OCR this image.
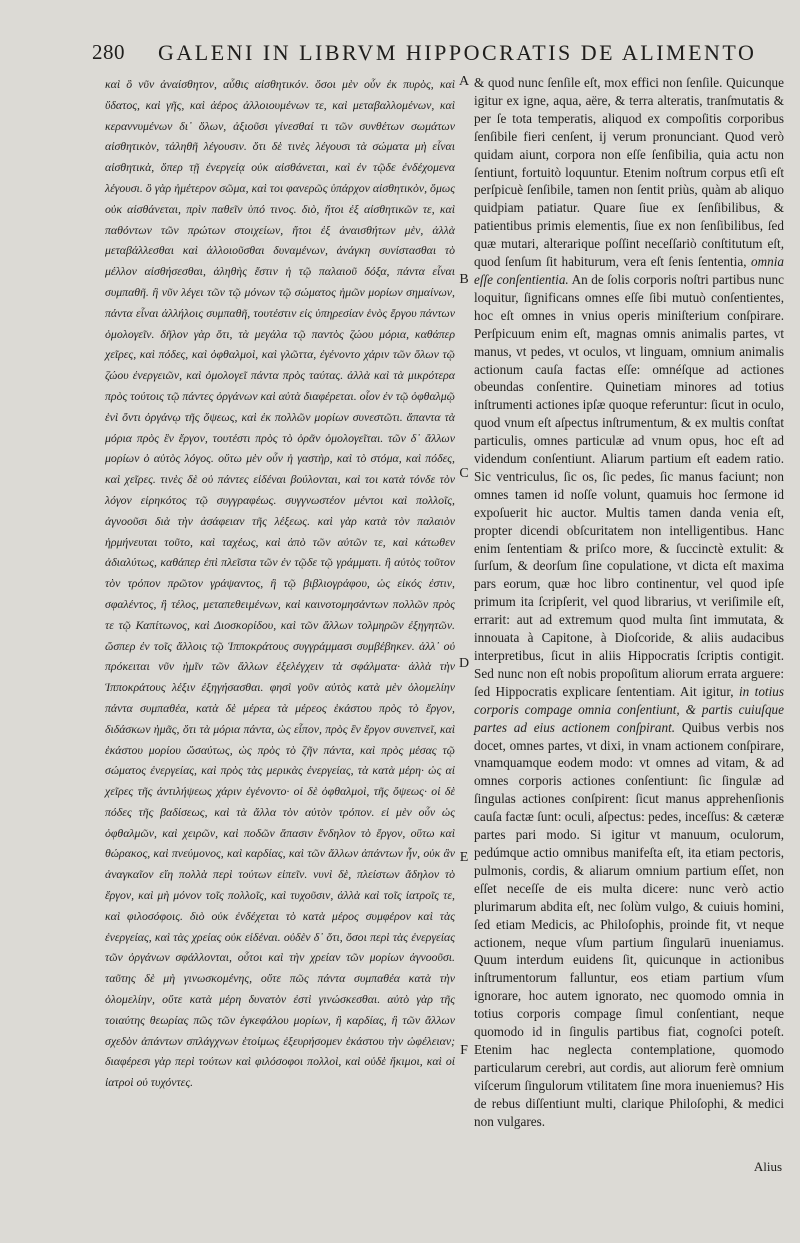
280 GALENI IN LIBRVM HIPPOCRATIS DE ALIMENTO

καὶ ὃ νῦν ἀναίσθητον, αὖθις αἰσθητικόν. ὅσοι μὲν οὖν ἐκ πυρὸς, καὶ ὕδατος, καὶ γῆς, καὶ ἀέρος ἀλλοιουμένων τε, καὶ μεταβαλλομένων, καὶ κεραννυμένων δι᾽ ὅλων, ἀξιοῦσι γίνεσθαί τι τῶν συνθέτων σωμάτων αἰσθητικὸν, τἀληθῆ λέγουσιν. ὅτι δὲ τινὲς λέγουσι τὰ σώματα μὴ εἶναι αἰσθητικὰ, ὅπερ τῇ ἐνεργείᾳ οὐκ αἰσθάνεται, καὶ ἐν τῷδε ἐνδέχομενα λέγουσι. ὃ γὰρ ἡμέτερον σῶμα, καὶ τοι φανερῶς ὑπάρχον αἰσθητικὸν, ὅμως οὐκ αἰσθάνεται, πρὶν παθεῖν ὑπό τινος. διὸ, ἤτοι ἐξ αἰσθητικῶν τε, καὶ παθόντων τῶν πρώτων στοιχείων, ἤτοι ἐξ ἀναισθήτων μὲν, ἀλλὰ μεταβάλλεσθαι καὶ ἀλλοιοῦσθαι δυναμένων, ἀνάγκη συνίστασθαι τὸ μέλλον αἰσθήσεσθαι, ἀληθὴς ἔστιν ἡ τῷ παλαιοῦ δόξα, πάντα εἶναι συμπαθῆ. ἢ νῦν λέγει τῶν τῷ μόνων τῷ σώματος ἡμῶν μορίων σημαίνων, πάντα εἶναι ἀλλήλοις συμπαθῆ, τουτέστιν εἰς ὑπηρεσίαν ἑνὸς ἔργου πάντων ὁμολογεῖν. δῆλον γὰρ ὅτι, τὰ μεγάλα τῷ παντὸς ζώου μόρια, καθάπερ χεῖρες, καὶ πόδες, καὶ ὀφθαλμοὶ, καὶ γλῶττα, ἐγένοντο χάριν τῶν ὅλων τῷ ζώου ἐνεργειῶν, καὶ ὁμολογεῖ πάντα πρὸς ταύτας. ἀλλὰ καὶ τὰ μικρότερα πρὸς τούτοις τῷ πάντες ὀργάνων καὶ αὐτὰ διαφέρεται. οἷον ἐν τῷ ὀφθαλμῷ ἑνὶ ὄντι ὀργάνῳ τῆς ὄψεως, καὶ ἐκ πολλῶν μορίων συνεστῶτι. ἅπαντα τὰ μόρια πρὸς ἓν ἔργον, τουτέστι πρὸς τὸ ὁρᾶν ὁμολογεῖται. τῶν δ᾽ ἄλλων μορίων ὁ αὐτὸς λόγος. οὕτω μὲν οὖν ἡ γαστὴρ, καὶ τὸ στόμα, καὶ πόδες, καὶ χεῖρες. τινὲς δὲ οὐ πάντες εἰδέναι βούλονται, καὶ τοι κατὰ τόνδε τὸν λόγον εἰρηκότος τῷ συγγραφέως. συγγνωστέον μέντοι καὶ πολλοῖς, ἀγνοοῦσι διὰ τὴν ἀσάφειαν τῆς λέξεως. καὶ γὰρ κατὰ τὸν παλαιὸν ἡρμήνευται τοῦτο, καὶ ταχέως, καὶ ἀπὸ τῶν αὐτῶν τε, καὶ κάτωθεν ἀδιαλύτως, καθάπερ ἐπὶ πλεῖστα τῶν ἐν τῷδε τῷ γράμματι. ἢ αὐτὸς τοῦτον τὸν τρόπον πρῶτον γράψαντος, ἢ τῷ βιβλιογράφου, ὡς εἰκός ἐστιν, σφαλέντος, ἢ τέλος, μεταπεθειμένων, καὶ καινοτομησάντων πολλῶν πρὸς τε τῷ Καπίτωνος, καὶ Διοσκορίδου, καὶ τῶν ἄλλων τολμηρῶν ἐξηγητῶν. ὥσπερ ἐν τοῖς ἄλλοις τῷ Ἱπποκράτους συγγράμμασι συμβέβηκεν. ἀλλ᾽ οὐ πρόκειται νῦν ἡμῖν τῶν ἄλλων ἐξελέγχειν τὰ σφάλματα· ἀλλὰ τὴν Ἱπποκράτους λέξιν ἐξηγήσασθαι. φησὶ γοῦν αὐτὸς κατὰ μὲν ὁλομελίην πάντα συμπαθέα, κατὰ δὲ μέρεα τὰ μέρεος ἑκάστου πρὸς τὸ ἔργον, διδάσκων ἡμᾶς, ὅτι τὰ μόρια πάντα, ὡς εἶπον, πρὸς ἓν ἔργον συνεπνεῖ, καὶ ἑκάστου μορίου ὥσαύτως, ὡς πρὸς τὸ ζῆν πάντα, καὶ πρὸς μέσας τῷ σώματος ἐνεργείας, καὶ πρὸς τὰς μερικὰς ἐνεργείας, τὰ κατὰ μέρη· ὡς αἱ χεῖρες τῆς ἀντιλήψεως χάριν ἐγένοντο· οἱ δὲ ὀφθαλμοὶ, τῆς ὄψεως· οἱ δὲ πόδες τῆς βαδίσεως, καὶ τὰ ἄλλα τὸν αὐτὸν τρόπον. εἰ μὲν οὖν ὡς ὀφθαλμῶν, καὶ χειρῶν, καὶ ποδῶν ἅπασιν ἔνδηλον τὸ ἔργον, οὕτω καὶ θώρακος, καὶ πνεύμονος, καὶ καρδίας, καὶ τῶν ἄλλων ἁπάντων ἦν, οὐκ ἂν ἀναγκαῖον εἴη πολλὰ περὶ τούτων εἰπεῖν. νυνὶ δὲ, πλείστων ἄδηλον τὸ ἔργον, καὶ μὴ μόνον τοῖς πολλοῖς, καὶ τυχοῦσιν, ἀλλὰ καὶ τοῖς ἰατροῖς τε, καὶ φιλοσόφοις. διὸ οὐκ ἐνδέχεται τὸ κατὰ μέρος συμφέρον καὶ τὰς ἐνεργείας, καὶ τὰς χρείας οὐκ εἰδέναι. οὐδὲν δ᾽ ὅτι, ὅσοι περὶ τὰς ἐνεργείας τῶν ὀργάνων σφάλλονται, οὗτοι καὶ τὴν χρείαν τῶν μορίων ἀγνοοῦσι. ταῦτης δὲ μὴ γινωσκομένης, οὔτε πῶς πάντα συμπαθέα κατὰ τὴν ὁλομελίην, οὔτε κατὰ μέρη δυνατὸν ἐστὶ γινώσκεσθαι. αὐτὸ γὰρ τῆς τοιαύτης θεωρίας πῶς τῶν ἐγκεφάλου μορίων, ἢ καρδίας, ἢ τῶν ἄλλων σχεδὸν ἁπάντων σπλάγχνων ἑτοίμως ἐξευρήσομεν ἑκάστου τὴν ὠφέλειαν; διαφέρεσι γὰρ περὶ τούτων καὶ φιλόσοφοι πολλοὶ, καὶ οὐδὲ ἥκιμοι, καὶ οἱ ἰατροὶ οὐ τυχόντες.

A
B
C
D
E
F

& quod nunc ſenſile eſt, mox effici non ſenſile. Quicunque igitur ex igne, aqua, aëre, & terra alteratis, tranſmutatis & per ſe tota temperatis, aliquod ex compoſitis corporibus ſenſibile fieri cenſent, ij verum pronunciant. Quod verò quidam aiunt, corpora non eſſe ſenſibilia, quia actu non ſentiunt, fortuitò loquuntur. Etenim noſtrum corpus etſi eſt perſpicuè ſenſibile, tamen non ſentit priùs, quàm ab aliquo quidpiam patiatur. Quare ſiue ex ſenſibilibus, & patientibus primis elementis, ſiue ex non ſenſibilibus, ſed quæ mutari, alterarique poſſint neceſſariò conſtitutum eſt, quod ſenſum ſit habiturum, vera eſt ſenis ſententia, omnia eſſe conſentientia. An de ſolis corporis noſtri partibus nunc loquitur, ſignificans omnes eſſe ſibi mutuò conſentientes, hoc eſt omnes in vnius operis miniſterium conſpirare. Perſpicuum enim eſt, magnas omnis animalis partes, vt manus, vt pedes, vt oculos, vt linguam, omnium animalis actionum cauſa factas eſſe: omnéſque ad actiones obeundas conſentire. Quinetiam minores ad totius inſtrumenti actiones ipſæ quoque referuntur: ſicut in oculo, quod vnum eſt aſpectus inſtrumentum, & ex multis conſtat particulis, omnes particulæ ad vnum opus, hoc eſt ad videndum conſentiunt. Aliarum partium eſt eadem ratio. Sic ventriculus, ſic os, ſic pedes, ſic manus faciunt; non omnes tamen id noſſe volunt, quamuis hoc ſermone id expoſuerit hic auctor. Multis tamen danda venia eſt, propter dicendi obſcuritatem non intelligentibus. Hanc enim ſententiam & priſco more, & ſuccinctè extulit: & ſurſum, & deorſum ſine copulatione, vt dicta eſt maxima pars eorum, quæ hoc libro continentur, vel quod ipſe primum ita ſcripſerit, vel quod librarius, vt veriſimile eſt, errarit: aut ad extremum quod multa ſint immutata, & innouata à Capitone, à Dioſcoride, & aliis audacibus interpretibus, ſicut in aliis Hippocratis ſcriptis contigit. Sed nunc non eſt nobis propoſitum aliorum errata arguere: ſed Hippocratis explicare ſententiam. Ait igitur, in totius corporis compage omnia conſentiunt, & partis cuiuſque partes ad eius actionem conſpirant. Quibus verbis nos docet, omnes partes, vt dixi, in vnam actionem conſpirare, vnamquamque eodem modo: vt omnes ad vitam, & ad omnes corporis actiones conſentiunt: ſic ſingulæ ad ſingulas actiones conſpirent: ſicut manus apprehenſionis cauſa factæ ſunt: oculi, aſpectus: pedes, inceſſus: & cæteræ partes pari modo. Si igitur vt manuum, oculorum, pedúmque actio omnibus manifeſta eſt, ita etiam pectoris, pulmonis, cordis, & aliarum omnium partium eſſet, non eſſet neceſſe de eis multa dicere: nunc verò actio plurimarum abdita eſt, nec ſolùm vulgo, & cuiuis homini, ſed etiam Medicis, ac Philoſophis, proinde fit, vt neque actionem, neque vſum partium ſingularū inueniamus. Quum interdum euidens ſit, quicunque in actionibus inſtrumentorum falluntur, eos etiam partium vſum ignorare, hoc autem ignorato, nec quomodo omnia in totius corporis compage ſimul conſentiant, neque quomodo id in ſingulis partibus fiat, cognoſci poteſt. Etenim hac neglecta contemplatione, quomodo particularum cerebri, aut cordis, aut aliorum ferè omnium viſcerum ſingulorum vtilitatem ſine mora inueniemus? His de rebus diſſentiunt multi, clarique Philoſophi, & medici non vulgares.

Alius
